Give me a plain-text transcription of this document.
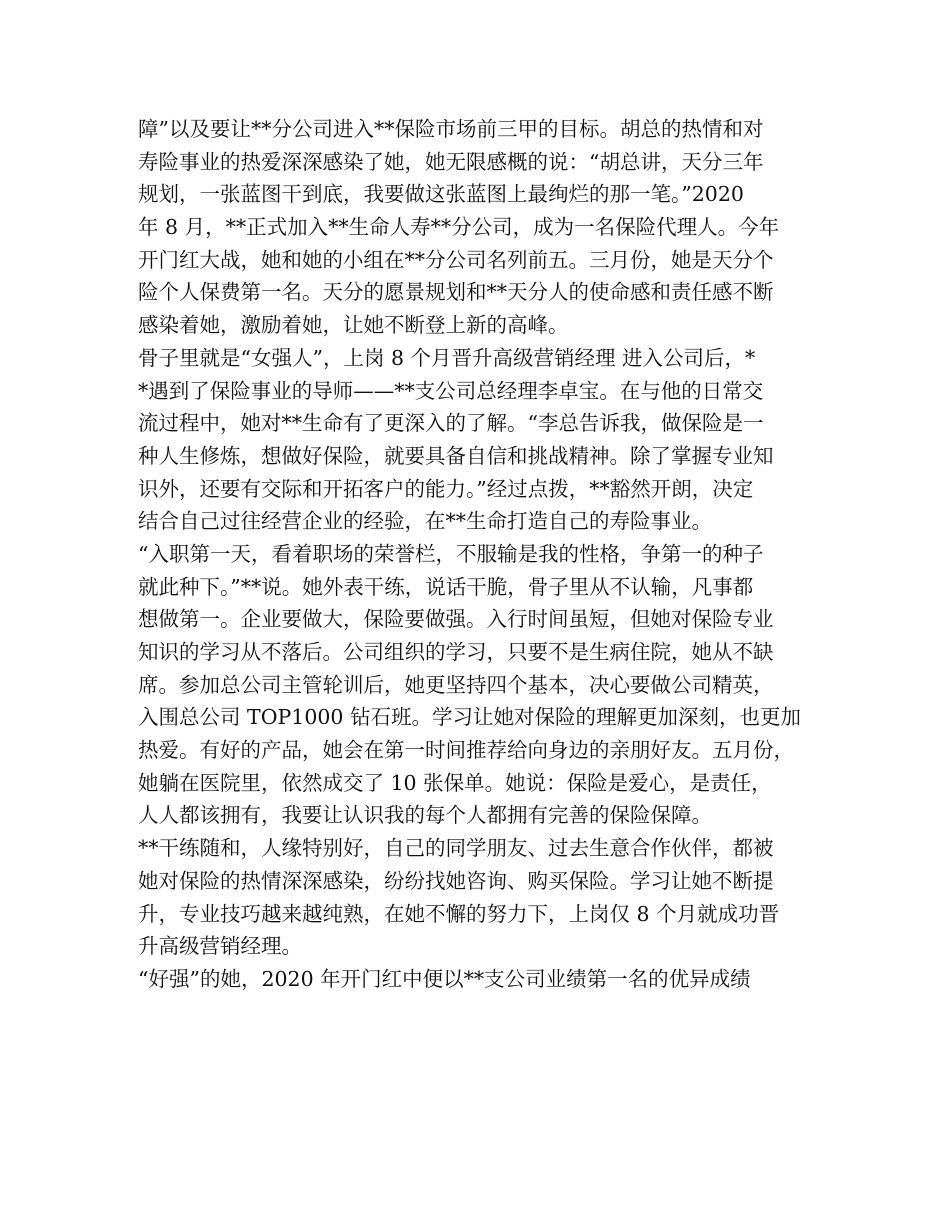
障”以及要让**分公司进入**保险市场前三甲的目标。胡总的热情和对
寿险事业的热爱深深感染了她，她无限感概的说：“胡总讲，天分三年
规划，一张蓝图干到底，我要做这张蓝图上最绚烂的那一笔。”2020
年 8 月，**正式加入**生命人寿**分公司，成为一名保险代理人。今年
开门红大战，她和她的小组在**分公司名列前五。三月份，她是天分个
险个人保费第一名。天分的愿景规划和**天分人的使命感和责任感不断
感染着她，激励着她，让她不断登上新的高峰。
骨子里就是“女强人”，上岗 8 个月晋升高级营销经理 进入公司后，*
*遇到了保险事业的导师——**支公司总经理李卓宝。在与他的日常交
流过程中，她对**生命有了更深入的了解。“李总告诉我，做保险是一
种人生修炼，想做好保险，就要具备自信和挑战精神。除了掌握专业知
识外，还要有交际和开拓客户的能力。”经过点拨，**豁然开朗，决定
结合自己过往经营企业的经验，在**生命打造自己的寿险事业。
“入职第一天，看着职场的荣誉栏，不服输是我的性格，争第一的种子
就此种下。”**说。她外表干练，说话干脆，骨子里从不认输，凡事都
想做第一。企业要做大，保险要做强。入行时间虽短，但她对保险专业
知识的学习从不落后。公司组织的学习，只要不是生病住院，她从不缺
席。参加总公司主管轮训后，她更坚持四个基本，决心要做公司精英，
入围总公司 TOP1000 钻石班。学习让她对保险的理解更加深刻，也更加
热爱。有好的产品，她会在第一时间推荐给向身边的亲朋好友。五月份，
她躺在医院里，依然成交了 10 张保单。她说：保险是爱心，是责任，
人人都该拥有，我要让认识我的每个人都拥有完善的保险保障。
**干练随和，人缘特别好，自己的同学朋友、过去生意合作伙伴，都被
她对保险的热情深深感染，纷纷找她咨询、购买保险。学习让她不断提
升，专业技巧越来越纯熟，在她不懈的努力下，上岗仅 8 个月就成功晋
升高级营销经理。
“好强”的她，2020 年开门红中便以**支公司业绩第一名的优异成绩
